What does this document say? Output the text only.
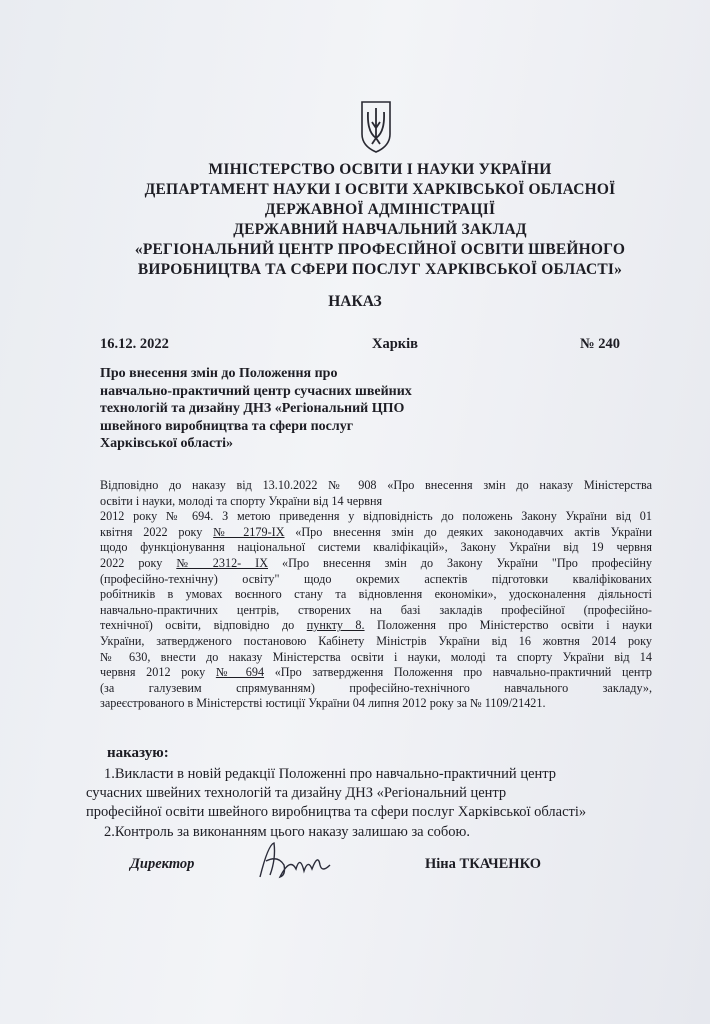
МІНІСТЕРСТВО ОСВІТИ І НАУКИ УКРАЇНИ
ДЕПАРТАМЕНТ НАУКИ І ОСВІТИ ХАРКІВСЬКОЇ ОБЛАСНОЇ
ДЕРЖАВНОЇ АДМІНІСТРАЦІЇ
ДЕРЖАВНИЙ НАВЧАЛЬНИЙ ЗАКЛАД
«РЕГІОНАЛЬНИЙ ЦЕНТР ПРОФЕСІЙНОЇ ОСВІТИ ШВЕЙНОГО
ВИРОБНИЦТВА ТА СФЕРИ ПОСЛУГ ХАРКІВСЬКОЇ ОБЛАСТІ»
НАКАЗ
16.12. 2022	Харків	№ 240
Про внесення змін до Положення про
навчально-практичний центр сучасних швейних
технологій та дизайну ДНЗ «Регіональний ЦПО
швейного виробництва та сфери послуг
Харківської області»
Відповідно до наказу від 13.10.2022 № 908 «Про внесення змін до наказу Міністерства
освіти і науки, молоді та спорту України від 14 червня
2012 року № 694. З метою приведення у відповідність до положень Закону України від 01
квітня 2022 року № 2179-IX «Про внесення змін до деяких законодавчих актів України
щодо функціонування національної системи кваліфікацій», Закону України від 19 червня
2022 року № 2312- IX «Про внесення змін до Закону України "Про професійну
(професійно-технічну) освіту" щодо окремих аспектів підготовки кваліфікованих
робітників в умовах воєнного стану та відновлення економіки», удосконалення діяльності
навчально-практичних центрів, створених на базі закладів професійної (професійно-
технічної) освіти, відповідно до пункту 8. Положення про Міністерство освіти і науки
України, затвердженого постановою Кабінету Міністрів України від 16 жовтня 2014 року
№ 630, внести до наказу Міністерства освіти і науки, молоді та спорту України від 14
червня 2012 року № 694 «Про затвердження Положення про навчально-практичний центр
(за галузевим спрямуванням) професійно-технічного навчального закладу»,
зареєстрованого в Міністерстві юстиції України 04 липня 2012 року за № 1109/21421.
наказую:
1.Викласти в новій редакції Положенні про навчально-практичний центр
сучасних швейних технологій та дизайну ДНЗ «Регіональний центр
професійної освіти швейного виробництва та сфери послуг Харківської області»
2.Контроль за виконанням цього наказу залишаю за собою.
Директор	Ніна ТКАЧЕНКО
